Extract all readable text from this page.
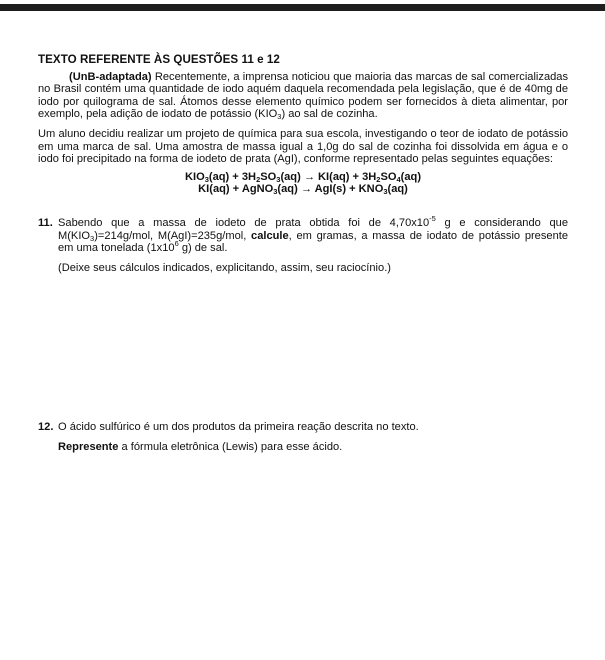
TEXTO REFERENTE ÀS QUESTÕES 11 e 12

(UnB-adaptada) Recentemente, a imprensa noticiou que maioria das marcas de sal comercializadas no Brasil contém uma quantidade de iodo aquém daquela recomendada pela legislação, que é de 40mg de iodo por quilograma de sal. Átomos desse elemento químico podem ser fornecidos à dieta alimentar, por exemplo, pela adição de iodato de potássio $(KIO_3)$ ao sal de cozinha.

Um aluno decidiu realizar um projeto de química para sua escola, investigando o teor de iodato de potássio em uma marca de sal. Uma amostra de massa igual a 1,0g do sal de cozinha foi dissolvida em água e o iodo foi precipitado na forma de iodeto de prata (AgI), conforme representado pelas seguintes equações:

$KIO_3(aq) + 3H_2SO_3(aq) \to KI(aq) + 3H_2SO_4(aq)$
KI(aq) + AgNO$_3$(aq) → $AgI(s) + KNO_3(aq)$
11. Sabendo que a massa de iodeto de prata obtida foi de $4,70x10^{-5}$ g e considerando que $M(KIO_3)=214g$/mol, M(AgI)=235g/mol, calcule, em gramas, a massa de iodato de potássio presente em uma tonelada ($1x10^6$ g) de sal.

(Deixe seus cálculos indicados, explicitando, assim, seu raciocínio.)

12. O ácido sulfúrico é um dos produtos da primeira reação descrita no texto.

Represente a fórmula eletrônica (Lewis) para esse ácido.
